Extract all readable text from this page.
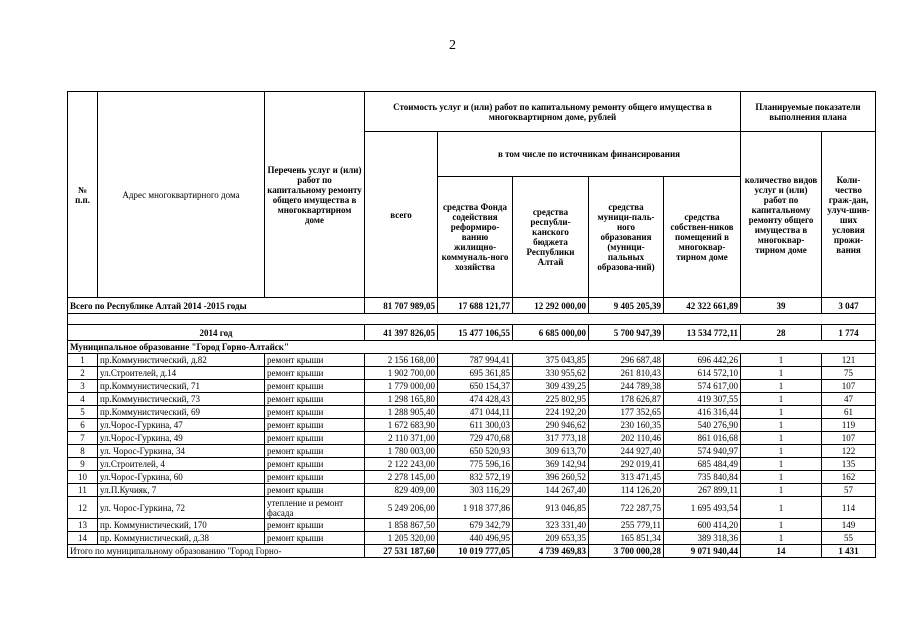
2
№ п.п.	Адрес многоквартирного дома	Перечень услуг и (или) работ по капитальному ремонту общего имущества в многоквартирном доме	Стоимость услуг и (или) работ по капитальному ремонту общего имущества в многоквартирном доме, рублей					Планируемые показатели выполнения плана	
			всего	в том числе по источникам финансирования				количество видов услуг и (или) работ по капитальному ремонту общего имущества в многоквар-тирном доме	Коли-чество граж-дан, улуч-шив-ших условия прожи-вания
				средства Фонда содействия реформиро-ванию жилищно-коммуналь-ного хозяйства	средства республи-канского бюджета Республики Алтай	средства муници-паль-ного образования (муници-пальных образова-ний)	средства собствен-ников помещений в многоквар-тирном доме		
Всего по Республике Алтай 2014 -2015 годы			81 707 989,05	17 688 121,77	12 292 000,00	9 405 205,39	42 322 661,89	39	3 047

2014 год			41 397 826,05	15 477 106,55	6 685 000,00	5 700 947,39	13 534 772,11	28	1 774
Муниципальное образование "Город Горно-Алтайск"									
1	пр.Коммунистический, д.82	ремонт крыши	2 156 168,00	787 994,41	375 043,85	296 687,48	696 442,26	1	121
2	ул.Строителей, д.14	ремонт крыши	1 902 700,00	695 361,85	330 955,62	261 810,43	614 572,10	1	75
3	пр.Коммунистический, 71	ремонт крыши	1 779 000,00	650 154,37	309 439,25	244 789,38	574 617,00	1	107
4	пр.Коммунистический, 73	ремонт крыши	1 298 165,80	474 428,43	225 802,95	178 626,87	419 307,55	1	47
5	пр.Коммунистический, 69	ремонт крыши	1 288 905,40	471 044,11	224 192,20	177 352,65	416 316,44	1	61
6	ул.Чорос-Гуркина, 47	ремонт крыши	1 672 683,90	611 300,03	290 946,62	230 160,35	540 276,90	1	119
7	ул.Чорос-Гуркина, 49	ремонт крыши	2 110 371,00	729 470,68	317 773,18	202 110,46	861 016,68	1	107
8	ул. Чорос-Гуркина, 34	ремонт крыши	1 780 003,00	650 520,93	309 613,70	244 927,40	574 940,97	1	122
9	ул.Строителей, 4	ремонт крыши	2 122 243,00	775 596,16	369 142,94	292 019,41	685 484,49	1	135
10	ул.Чорос-Гуркина, 60	ремонт крыши	2 278 145,00	832 572,19	396 260,52	313 471,45	735 840,84	1	162
11	ул.П.Кучияк, 7	ремонт крыши	829 409,00	303 116,29	144 267,40	114 126,20	267 899,11	1	57
12	ул. Чорос-Гуркина, 72	утепление и ремонт фасада	5 249 206,00	1 918 377,86	913 046,85	722 287,75	1 695 493,54	1	114
13	пр. Коммунистический, 170	ремонт крыши	1 858 867,50	679 342,79	323 331,40	255 779,11	600 414,20	1	149
14	пр. Коммунистический, д.38	ремонт крыши	1 205 320,00	440 496,95	209 653,35	165 851,34	389 318,36	1	55
Итого по муниципальному образованию "Город Горно-			27 531 187,60	10 019 777,05	4 739 469,83	3 700 000,28	9 071 940,44	14	1 431
